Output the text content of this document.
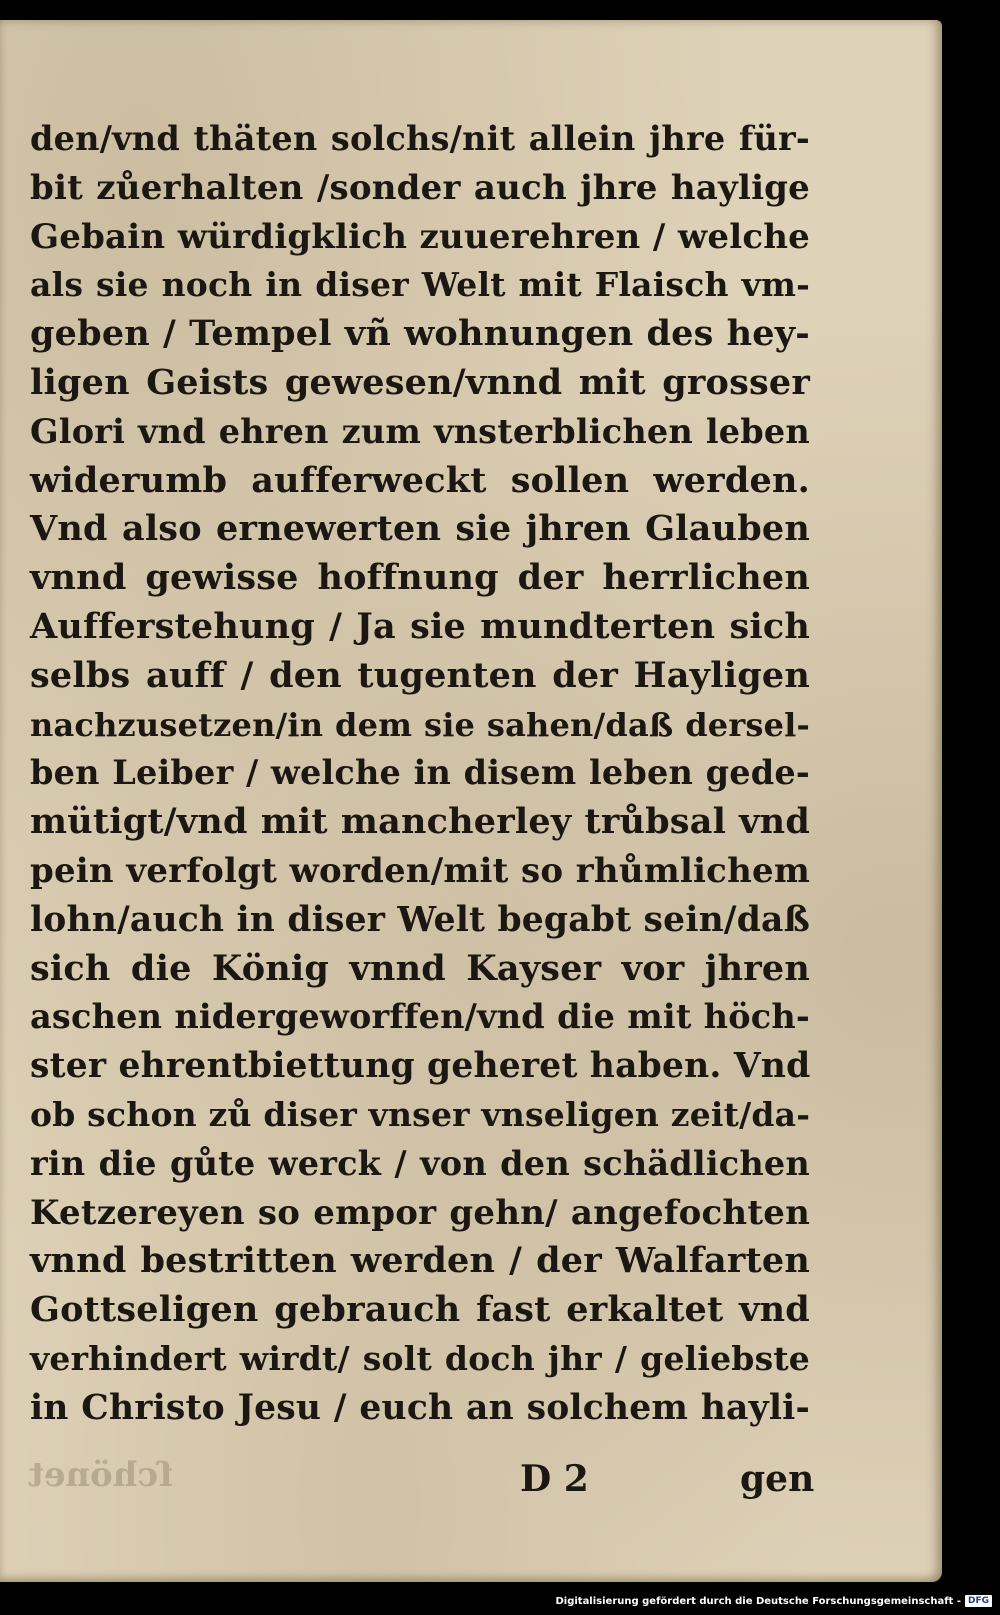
den/vnd thäten solchs/nit allein jhre für-
bit zůerhalten /sonder auch jhre haylige
Gebain würdigklich zuuerehren / welche
als sie noch in diser Welt mit Flaisch vm-
geben / Tempel vñ wohnungen des hey-
ligen Geists gewesen/vnnd mit grosser
Glori vnd ehren zum vnsterblichen leben
widerumb aufferweckt sollen werden.
Vnd also ernewerten sie jhren Glauben
vnnd gewisse hoffnung der herrlichen
Aufferstehung / Ja sie mundterten sich
selbs auff / den tugenten der Hayligen
nachzusetzen/in dem sie sahen/daß dersel-
ben Leiber / welche in disem leben gede-
mütigt/vnd mit mancherley trůbsal vnd
pein verfolgt worden/mit so rhůmlichem
lohn/auch in diser Welt begabt sein/daß
sich die König vnnd Kayser vor jhren
aschen nidergeworffen/vnd die mit höch-
ster ehrentbiettung geheret haben. Vnd
ob schon zů diser vnser vnseligen zeit/da-
rin die gůte werck / von den schädlichen
Ketzereyen so empor gehn/ angefochten
vnnd bestritten werden / der Walfarten
Gottseligen gebrauch fast erkaltet vnd
verhindert wirdt/ solt doch jhr / geliebste
in Christo Jesu / euch an solchem hayli-
ſchönet	D 2	gen
Digitalisierung gefördert durch die Deutsche Forschungsgemeinschaft - DFG
